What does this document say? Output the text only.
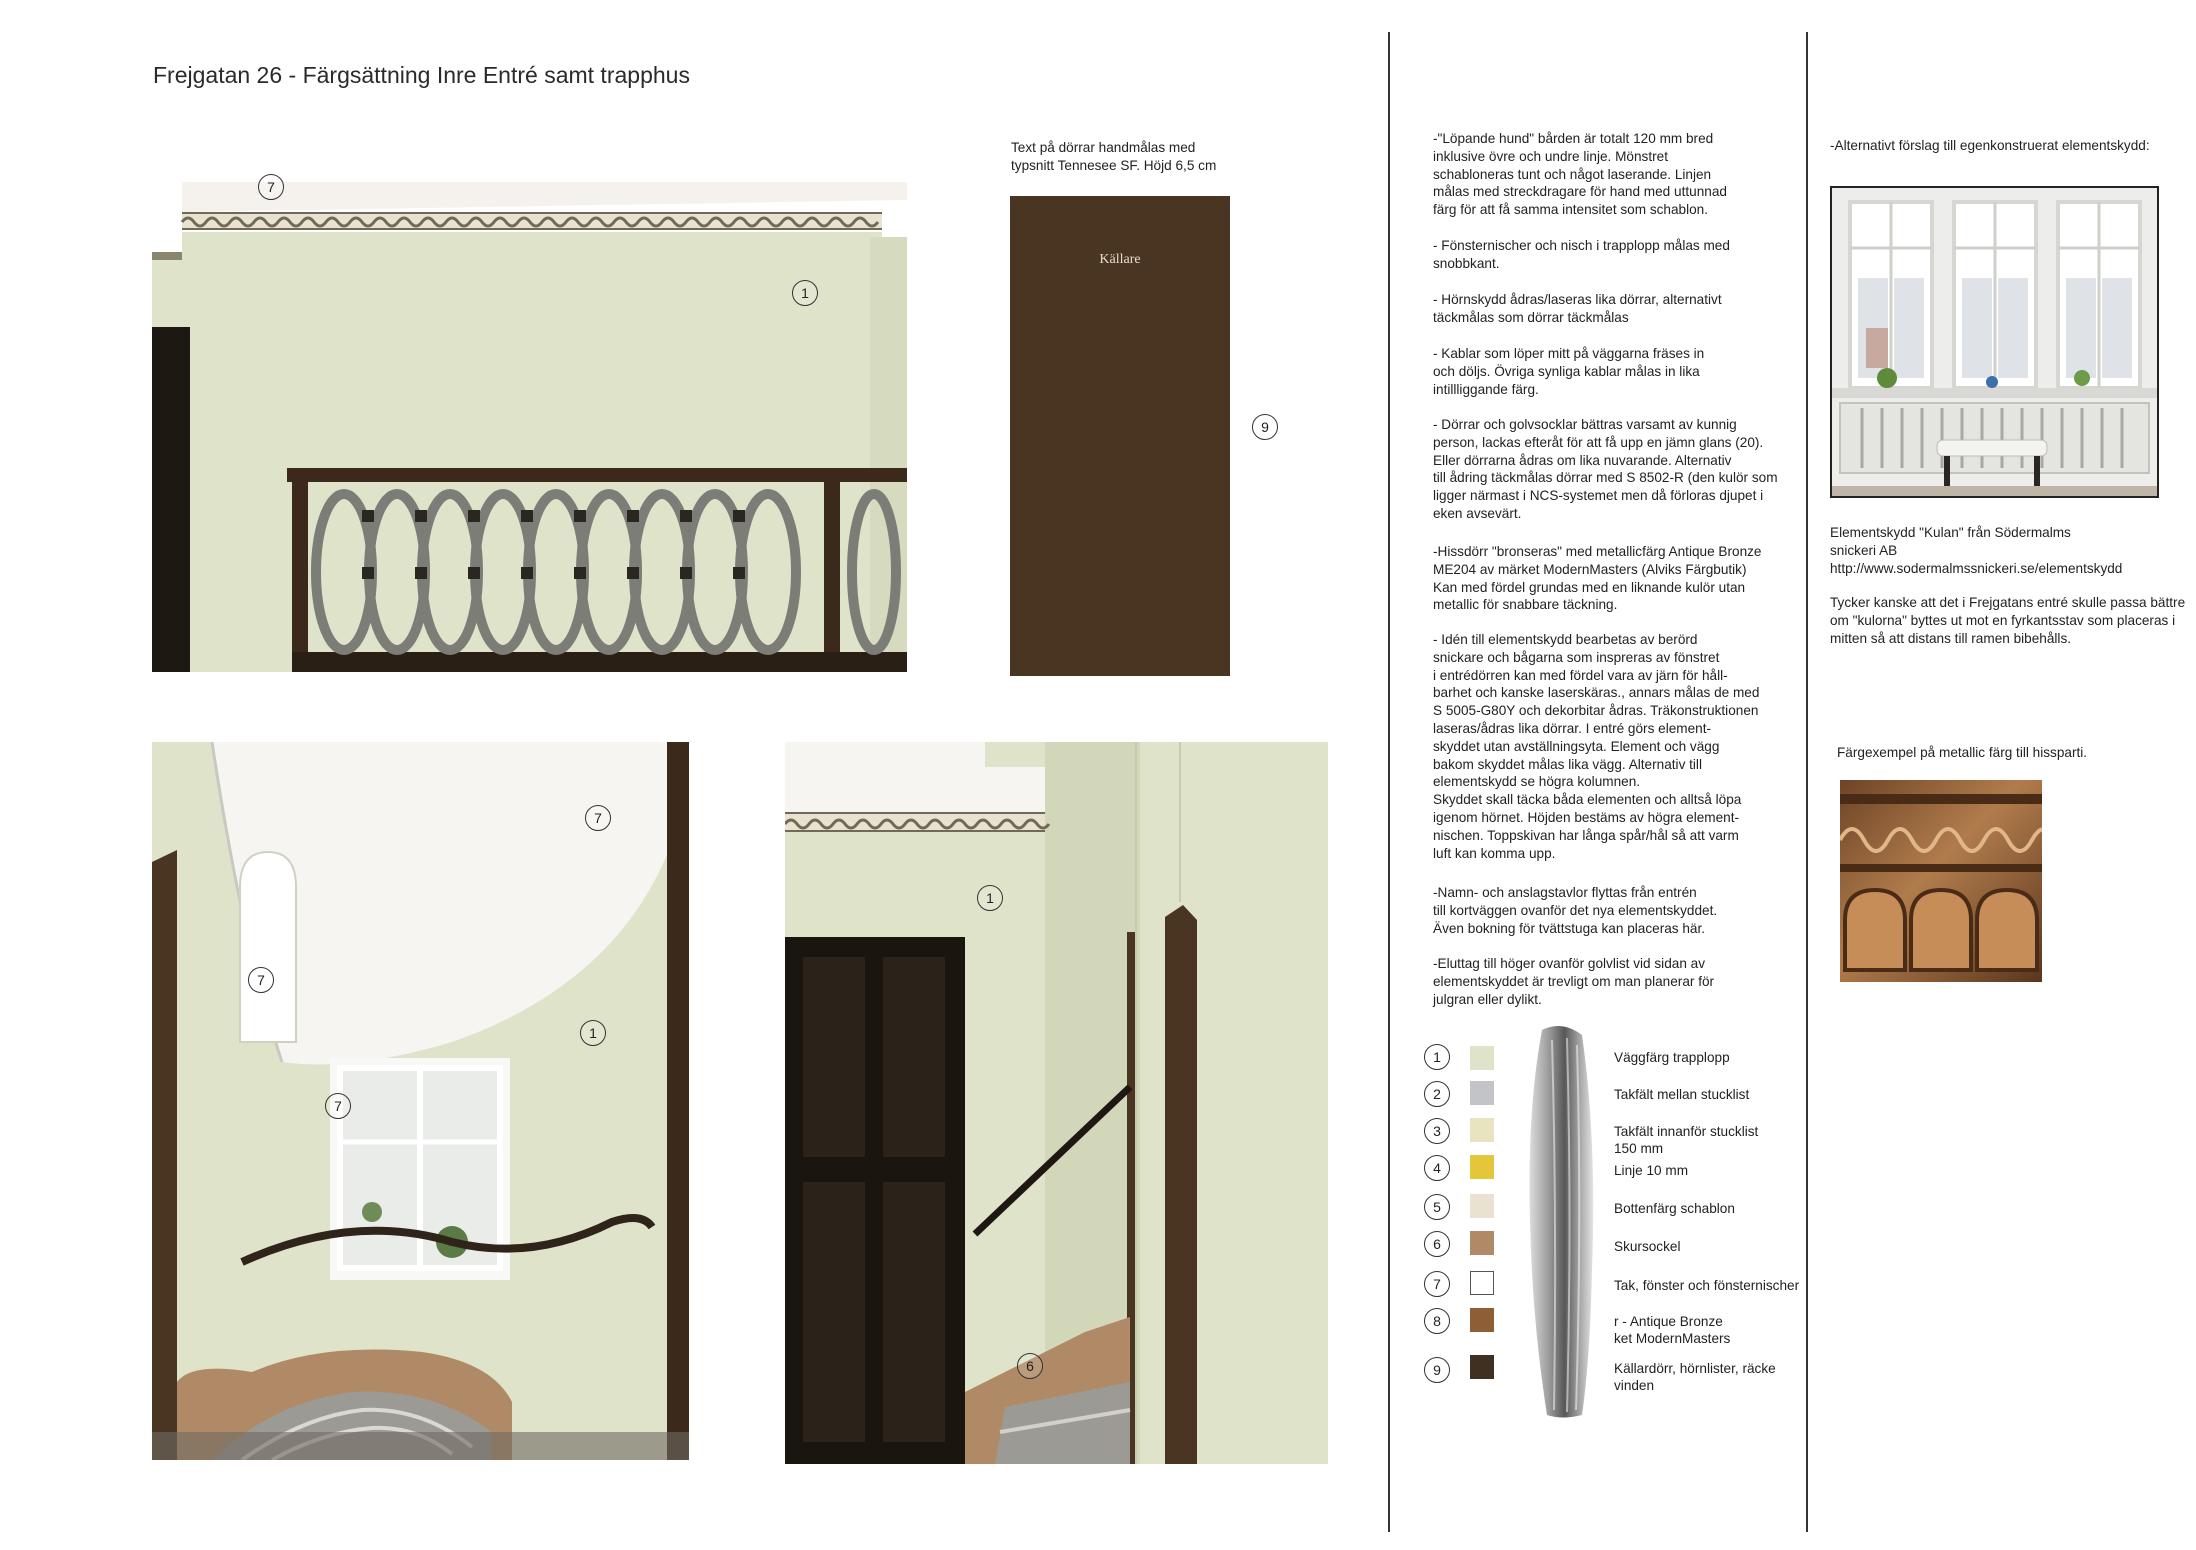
Frejgatan 26 - Färgsättning Inre Entré samt trapphus
7
1
Text på dörrar handmålas med
typsnitt Tennesee SF. Höjd 6,5 cm
Källare
9
7
7
7
1
1
6
-"Löpande hund" bården är totalt 120 mm bred
inklusive övre och undre linje. Mönstret
schabloneras tunt och något laserande. Linjen
målas med streckdragare för hand med uttunnad
färg för att få samma intensitet som schablon.
- Fönsternischer och nisch i trapplopp målas med
snobbkant.
- Hörnskydd ådras/laseras lika dörrar, alternativt
täckmålas som dörrar täckmålas
- Kablar som löper mitt på väggarna fräses in
och döljs. Övriga synliga kablar målas in lika
intillliggande färg.
- Dörrar och golvsocklar bättras varsamt av kunnig
person, lackas efteråt för att få upp en jämn glans (20).
Eller dörrarna ådras om lika nuvarande. Alternativ
till ådring täckmålas dörrar med S 8502-R (den kulör som
ligger närmast i NCS-systemet men då förloras djupet i
eken avsevärt.
-Hissdörr "bronseras" med metallicfärg Antique Bronze
ME204 av märket ModernMasters (Alviks Färgbutik)
Kan med fördel grundas med en liknande kulör utan
metallic för snabbare täckning.
- Idén till elementskydd bearbetas av berörd
snickare och bågarna som inspreras av fönstret
i entrédörren kan med fördel vara av järn för håll-
barhet och kanske laserskäras., annars målas de med
S 5005-G80Y och dekorbitar ådras. Träkonstruktionen
laseras/ådras lika dörrar. I entré görs element-
skyddet utan avställningsyta. Element och vägg
bakom skyddet målas lika vägg. Alternativ till
elementskydd se högra kolumnen.
Skyddet skall täcka båda elementen och alltså löpa
igenom hörnet. Höjden bestäms av högra element-
nischen. Toppskivan har långa spår/hål så att varm
luft kan komma upp.
-Namn- och anslagstavlor flyttas från entrén
till kortväggen ovanför det nya elementskyddet.
Även bokning för tvättstuga kan placeras här.
-Eluttag till höger ovanför golvlist vid sidan av
elementskyddet är trevligt om man planerar för
julgran eller dylikt.
1	Väggfärg trapplopp
2	Takfält mellan stucklist
3	Takfält innanför stucklist
150 mm
4	Linje 10 mm
5	Bottenfärg schablon
6	Skursockel
7	Tak, fönster och fönsternischer
8	r - Antique Bronze
ket ModernMasters
9	Källardörr, hörnlister, räcke
vinden
-Alternativt förslag till egenkonstruerat elementskydd:
Elementskydd "Kulan" från Södermalms
snickeri AB
http://www.sodermalmssnickeri.se/elementskydd
Tycker kanske att det i Frejgatans entré skulle passa bättre
om "kulorna" byttes ut mot en fyrkantsstav som placeras i
mitten så att distans till ramen bibehålls.
Färgexempel på metallic färg till hissparti.
